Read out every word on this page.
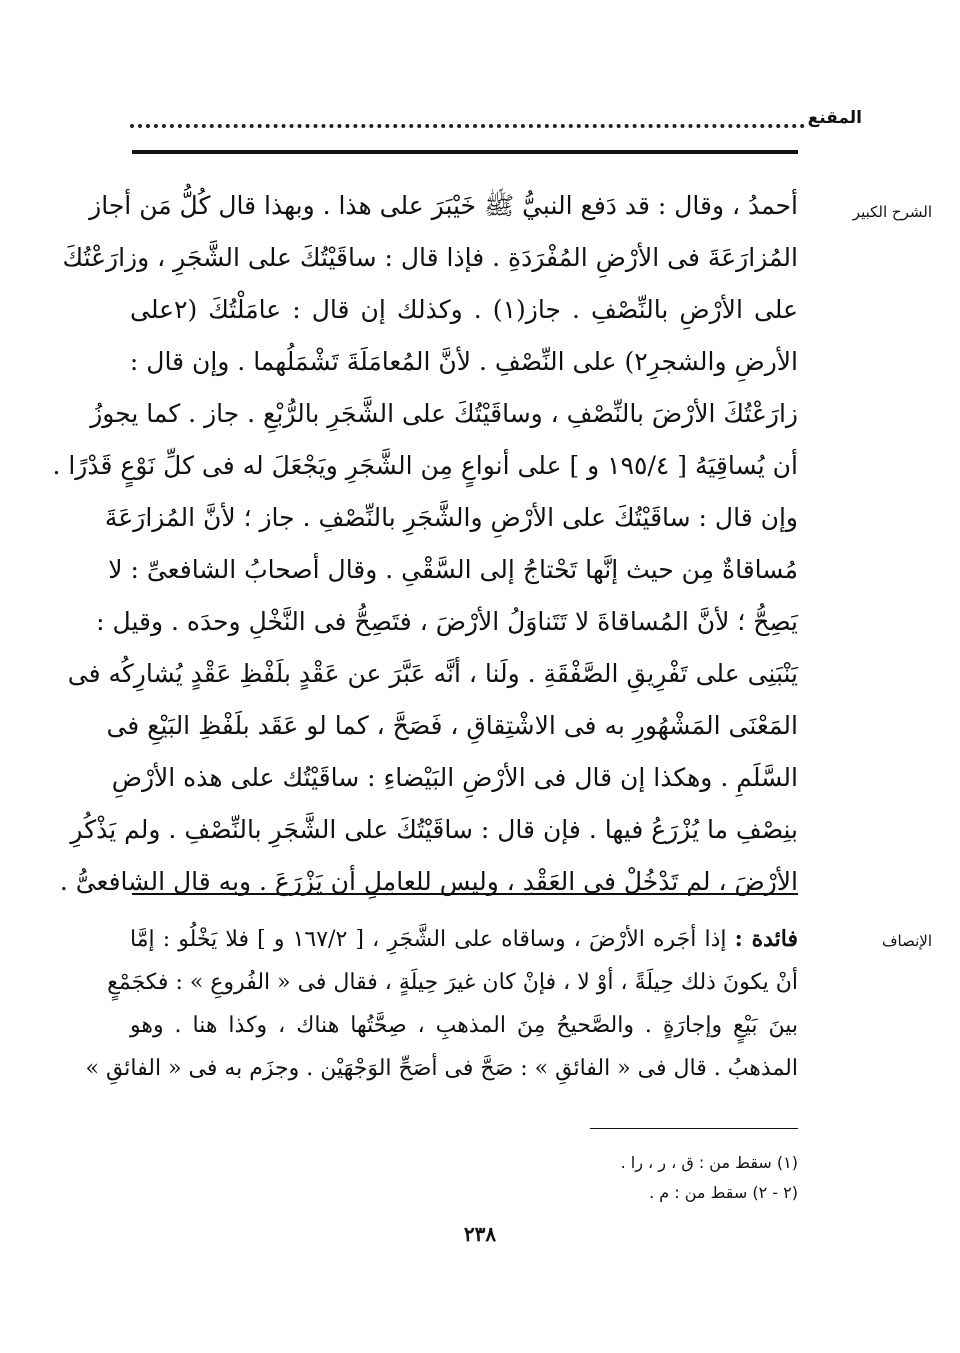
المقنع
الشرح الكبير
أحمدُ ، وقال : قد دَفع النبيُّ ﷺ خَيْبَرَ على هذا . وبهذا قال كُلُّ مَن أجاز
المُزارَعَةَ فى الأرْضِ المُفْرَدَةِ . فإذا قال : ساقَيْتُكَ على الشَّجَرِ ، وزارَعْتُكَ
على الأرْضِ بالنِّصْفِ . جاز(١) . وكذلك إن قال : عامَلْتُكَ (٢على
الأرضِ والشجرِ٢) على النِّصْفِ . لأنَّ المُعامَلَةَ تَشْمَلُهما . وإن قال :
زارَعْتُكَ الأرْضَ بالنِّصْفِ ، وساقَيْتُكَ على الشَّجَرِ بالرُّبْعِ . جاز . كما يجوزُ
أن يُساقِيَهُ [ ١٩٥/٤ و ] على أنواعٍ مِن الشَّجَرِ ويَجْعَلَ له فى كلِّ نَوْعٍ قَدْرًا .
وإن قال : ساقَيْتُكَ على الأرْضِ والشَّجَرِ بالنِّصْفِ . جاز ؛ لأنَّ المُزارَعَةَ
مُساقاةٌ مِن حيث إنَّها تَحْتاجُ إلى السَّقْىِ . وقال أصحابُ الشافعىِّ : لا
يَصِحُّ ؛ لأنَّ المُساقاةَ لا تَتَناوَلُ الأرْضَ ، فتَصِحُّ فى النَّخْلِ وحدَه . وقيل :
يَنْبَنِى على تَفْرِيقِ الصَّفْقَةِ . ولَنا ، أنَّه عَبَّرَ عن عَقْدٍ بلَفْظِ عَقْدٍ يُشارِكُه فى
المَعْنَى المَشْهُورِ به فى الاشْتِقاقِ ، فَصَحَّ ، كما لو عَقَد بلَفْظِ البَيْعِ فى
السَّلَمِ . وهكذا إن قال فى الأرْضِ البَيْضاءِ : ساقَيْتُك على هذه الأرْضِ
بنِصْفِ ما يُزْرَعُ فيها . فإن قال : ساقَيْتُكَ على الشَّجَرِ بالنِّصْفِ . ولم يَذْكُرِ
الأرْضَ ، لم تَدْخُلْ فى العَقْدِ ، وليس للعامِلِ أن يَزْرَعَ . وبه قال الشافعىُّ .
الإنصاف
فائدة : إذا أجَره الأرْضَ ، وساقاه على الشَّجَرِ ، [ ١٦٧/٢ و ] فلا يَخْلُو : إمَّا
أنْ يكونَ ذلك حِيلَةً ، أوْ لا ، فإنْ كان غيرَ حِيلَةٍ ، فقال فى « الفُروعِ » : فكجَمْعٍ
بينَ بَيْعٍ وإجارَةٍ . والصَّحيحُ مِنَ المذهبِ ، صِحَّتُها هناك ، وكذا هنا . وهو
المذهبُ . قال فى « الفائقِ » : صَحَّ فى أصَحِّ الوَجْهَيْن . وجزَم به فى « الفائقِ »
(١) سقط من : ق ، ر ، را .
(٢ - ٢) سقط من : م .
٢٣٨
